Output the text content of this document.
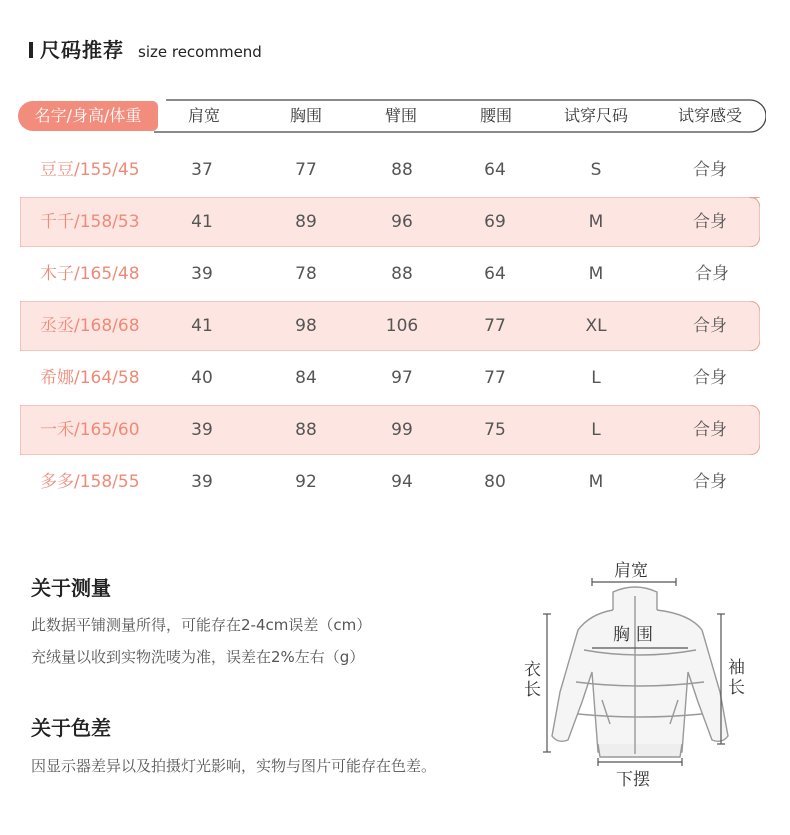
尺码推荐 size recommend
名字/身高/体重	肩宽	胸围	臂围	腰围	试穿尺码	试穿感受
豆豆/155/45	37	77	88	64	S	合身
千千/158/53	41	89	96	69	M	合身
木子/165/48	39	78	88	64	M	合身
丞丞/168/68	41	98	106	77	XL	合身
希娜/164/58	40	84	97	77	L	合身
一禾/165/60	39	88	99	75	L	合身
多多/158/55	39	92	94	80	M	合身
关于测量
此数据平铺测量所得，可能存在2-4cm误差（cm）
充绒量以收到实物洗唛为准，误差在2%左右（g）
关于色差
因显示器差异以及拍摄灯光影响，实物与图片可能存在色差。
肩宽
胸围
衣长
袖长
下摆
